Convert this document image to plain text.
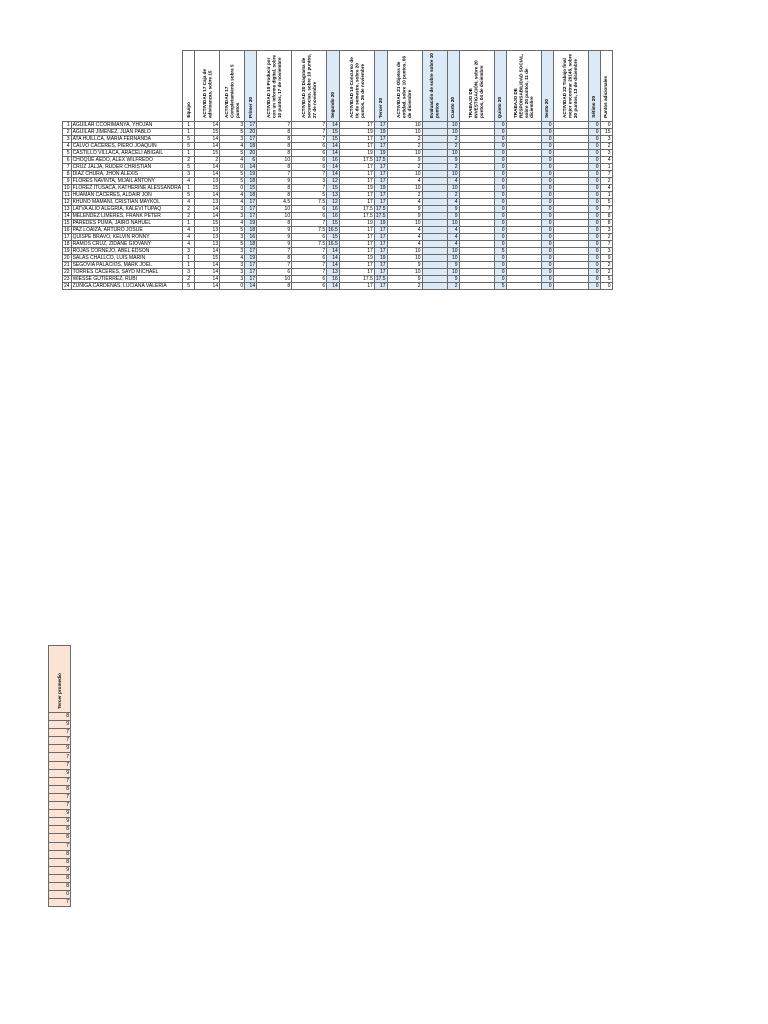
		Equipo	ACTIVIDAD 17 Caja de adivinanzas, sobre 15	ACTIVIDAD 17 Completamiento sobre 5 puntos	Primer 20	ACTIVIDAD 18 Producir por con un informe digital, sobre 10 puntos, 17 de noviembre	ACTIVIDAD 20 Diagrama de secuencias, sobre 10 puntos, 27 de noviembre	Segundo 20	ACTIVIDAD 19 Concurso de tic de semestre, sobre 20 puntos, 26 de noviembre	Tercer 20	ACTIVIDAD 21 Objetos de entidad, sobre 10 puntos, 06 de diciembre	Evaluación de sobre sobre 10 puntos	Cuarto 20	TRABAJO DE INVESTIGACIÓN, sobre 20 puntos, 04 de diciembre	Quinto 20	TRABAJO DE RESPONSABILIDAD SOCIAL, sobre 20 puntos, 11 de diciembre	Sexto 20	ACTIVIDAD 22 Trabajo final mejor encontrar 29148, sobre 20 puntos, 13 de diciembre	Sétimo 20	Puntos adicionales
1	AGUILAR CCORIMANYA, YHOJAN	1	14	3	17	7	7	14	17	17	10		10		0		0		0	0
2	AGUILAR JIMENEZ, JUAN PABLO	1	15	5	20	8	7	15	19	19	10		10		0		0		0	15
3	ATA HUILLCA, MARIA FERNANDA	5	14	3	17	8	7	15	17	17	2		2		0		0		0	3
4	CALVO CACERES, PIERO JOAQUIN	5	14	4	18	8	6	14	17	17	2		2		0		0		0	2
5	CASTILLO VILLACA, ARACELI ABIGAIL	1	15	5	20	8	6	14	19	19	10		10		0		0		0	3
6	CHOQUE AEDO, ALEX WILFREDO	2	2	4	6	10	6	16	17.5	17.5	9		9		0		0		0	4
7	CRUZ JALJA, RUDER CHRISTIAN	5	14	0	14	8	6	14	17	17	2		2		0		0		0	1
8	DIAZ CHURA, JHON ALEXIS	3	14	5	19	7	7	14	17	17	10		10		0		0		0	7
9	FLORES NAVINTA, MIJAIL ANTONY	4	13	5	18	9	3	12	17	17	4		4		0		0		0	2
10	FLOREZ ITUSACA, KATHERINE ALESSANDRA	1	15	0	15	8	7	15	19	19	10		10		0		0		0	4
11	HUAMAN CACERES, ALDAIR JON	5	14	4	18	8	5	13	17	17	2		2		0		0		0	1
12	KHUNO MAMANI, CRISTIAN MAYKOL	4	13	4	17	4.5	7.5	12	17	17	4		4		0		0		0	5
13	LATVA ALIO ALEGRIA, KALEVI TUPAQ	2	14	3	17	10	6	16	17.5	17.5	9		9		0		0		0	7
14	MELENDEZ LIMERES, FRANK PETER	2	14	3	17	10	6	16	17.5	17.5	9		9		0		0		0	8
15	PAREDES PUMA, JAIRO NAHUEL	1	15	4	19	8	7	15	19	19	10		10		0		0		0	8
16	PAZ LOAIZA, ARTURO JOSUE	4	13	5	18	9	7.5	16.5	17	17	4		4		0		0		0	3
17	QUISPE BRAVO, KELVIN RONNY	4	13	3	16	9	6	15	17	17	4		4		0		0		0	2
18	RAMOS CRUZ, ZIDANE GIOVANY	4	13	5	18	9	7.5	16.5	17	17	4		4		0		0		0	7
19	ROJAS CORNEJO, ABEL EDSON	3	14	3	17	7	7	14	17	17	10		10		5		0		0	3
20	SALAS CHALLCO, LUIS MARIN	1	15	4	19	8	6	14	19	19	10		10		0		0		0	9
21	SEGOVIA PALACIOS, MARK JOEL	1	14	3	17	7	7	14	17	17	9		9		0		0		0	2
22	TORRES CACERES, SAYD MICHAEL	3	14	3	17	6	7	13	17	17	10		10		0		0		0	2
23	WIESSE GUTIERREZ, RUBI	2	14	3	17	10	6	16	17.5	17.5	9		9		0		0		0	5
24	ZUÑIGA CARDENAS, LUCIANA VALERIA	5	14	0	14	8	6	14	17	17	2		2		5		0		0	0
Tercer promedio
8
9
7
7
9
7
7
9
7
8
7
7
9
9
8
8
7
8
8
9
8
8
0
7
